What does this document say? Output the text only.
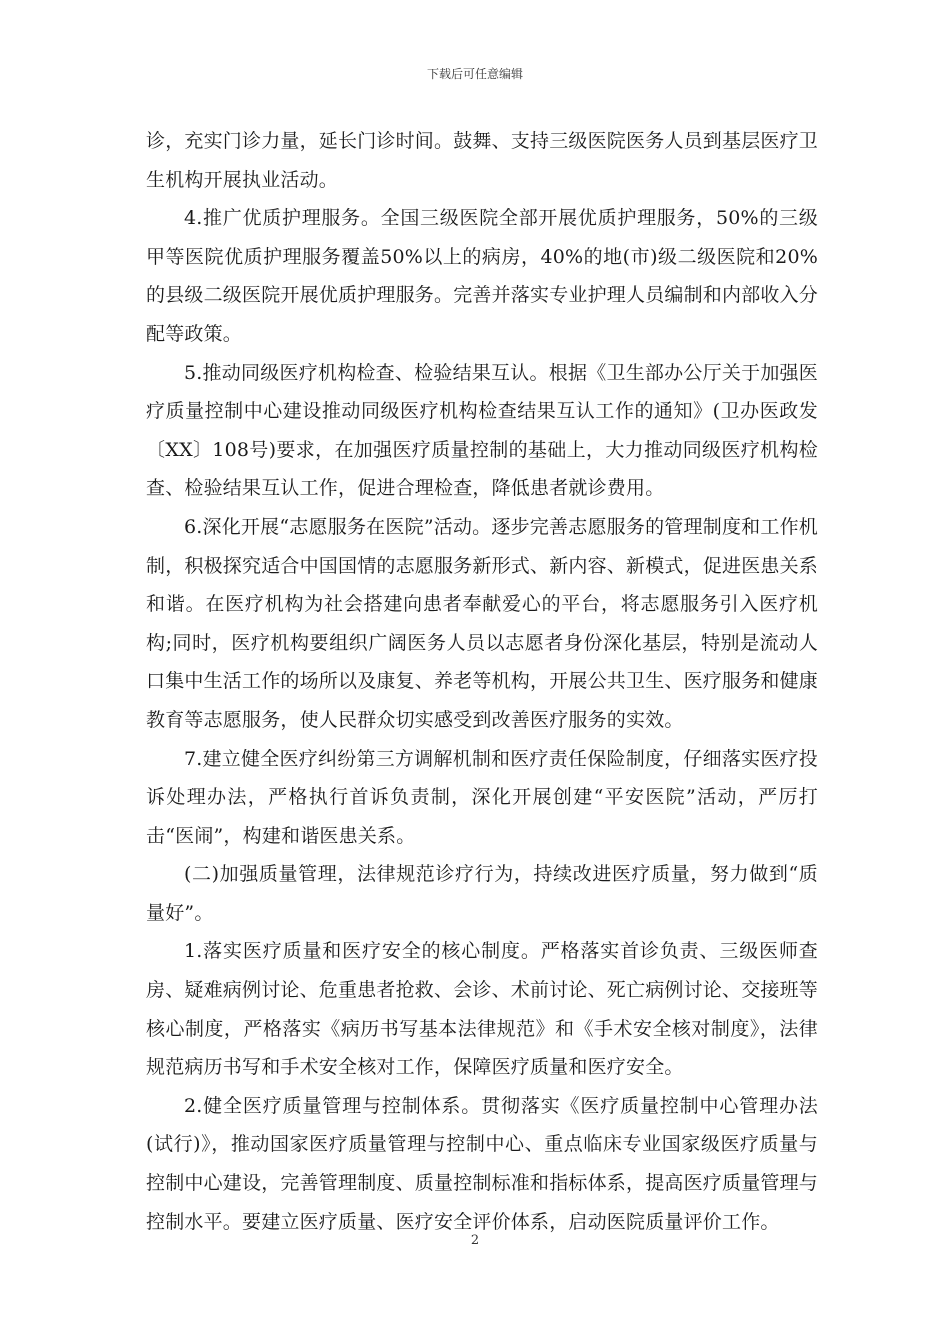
下载后可任意编辑

诊，充实门诊力量，延长门诊时间。鼓舞、支持三级医院医务人员到基层医疗卫生机构开展执业活动。

4.推广优质护理服务。全国三级医院全部开展优质护理服务，50%的三级甲等医院优质护理服务覆盖50%以上的病房，40%的地(市)级二级医院和20%的县级二级医院开展优质护理服务。完善并落实专业护理人员编制和内部收入分配等政策。

5.推动同级医疗机构检查、检验结果互认。根据《卫生部办公厅关于加强医疗质量控制中心建设推动同级医疗机构检查结果互认工作的通知》(卫办医政发〔XX〕108号)要求，在加强医疗质量控制的基础上，大力推动同级医疗机构检查、检验结果互认工作，促进合理检查，降低患者就诊费用。

6.深化开展“志愿服务在医院”活动。逐步完善志愿服务的管理制度和工作机制，积极探究适合中国国情的志愿服务新形式、新内容、新模式，促进医患关系和谐。在医疗机构为社会搭建向患者奉献爱心的平台，将志愿服务引入医疗机构;同时，医疗机构要组织广阔医务人员以志愿者身份深化基层，特别是流动人口集中生活工作的场所以及康复、养老等机构，开展公共卫生、医疗服务和健康教育等志愿服务，使人民群众切实感受到改善医疗服务的实效。

7.建立健全医疗纠纷第三方调解机制和医疗责任保险制度，仔细落实医疗投诉处理办法，严格执行首诉负责制，深化开展创建“平安医院”活动，严厉打击“医闹”，构建和谐医患关系。

(二)加强质量管理，法律规范诊疗行为，持续改进医疗质量，努力做到“质量好”。

1.落实医疗质量和医疗安全的核心制度。严格落实首诊负责、三级医师查房、疑难病例讨论、危重患者抢救、会诊、术前讨论、死亡病例讨论、交接班等核心制度，严格落实《病历书写基本法律规范》和《手术安全核对制度》，法律规范病历书写和手术安全核对工作，保障医疗质量和医疗安全。

2.健全医疗质量管理与控制体系。贯彻落实《医疗质量控制中心管理办法(试行)》，推动国家医疗质量管理与控制中心、重点临床专业国家级医疗质量与控制中心建设，完善管理制度、质量控制标准和指标体系，提高医疗质量管理与控制水平。要建立医疗质量、医疗安全评价体系，启动医院质量评价工作。

2
